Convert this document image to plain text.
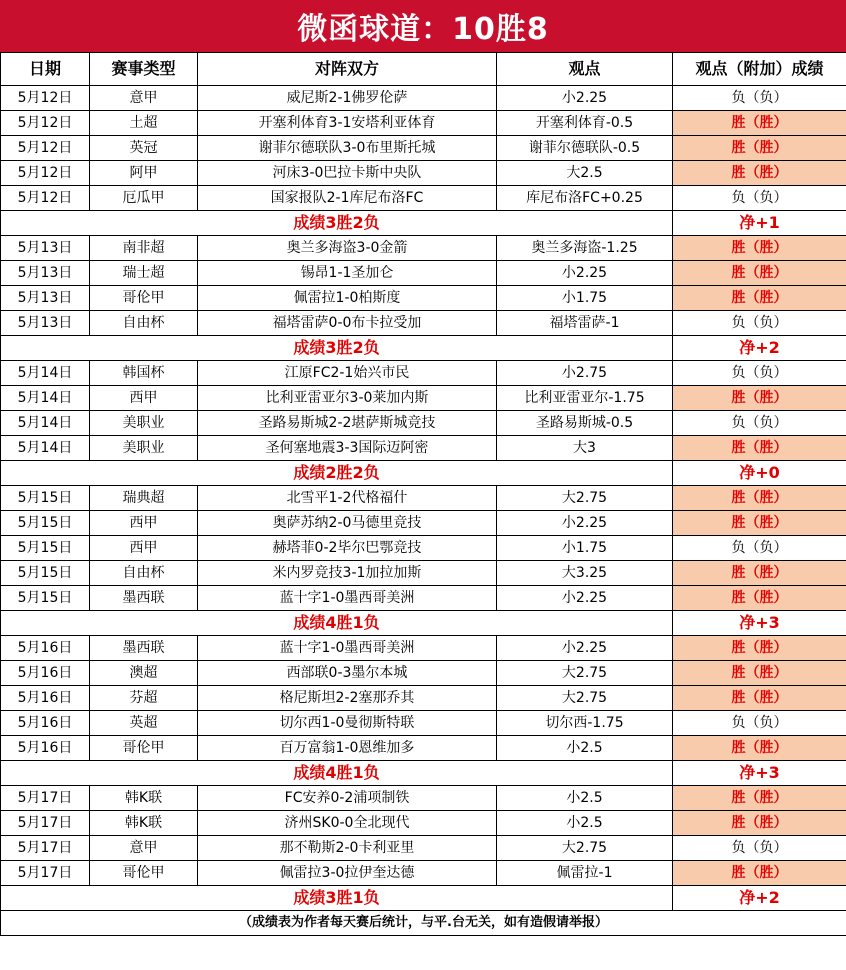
微函球道：10胜8
日期	赛事类型	对阵双方	观点	观点（附加）成绩
5月12日	意甲	威尼斯2-1佛罗伦萨	小2.25	负（负）
5月12日	土超	开塞利体育3-1安塔利亚体育	开塞利体育-0.5	胜（胜）
5月12日	英冠	谢菲尔德联队3-0布里斯托城	谢菲尔德联队-0.5	胜（胜）
5月12日	阿甲	河床3-0巴拉卡斯中央队	大2.5	胜（胜）
5月12日	厄瓜甲	国家报队2-1库尼布洛FC	库尼布洛FC+0.25	负（负）
成绩3胜2负				净+1
5月13日	南非超	奥兰多海盗3-0金箭	奥兰多海盗-1.25	胜（胜）
5月13日	瑞士超	锡昂1-1圣加仑	小2.25	胜（胜）
5月13日	哥伦甲	佩雷拉1-0柏斯度	小1.75	胜（胜）
5月13日	自由杯	福塔雷萨0-0布卡拉受加	福塔雷萨-1	负（负）
成绩3胜2负				净+2
5月14日	韩国杯	江原FC2-1始兴市民	小2.75	负（负）
5月14日	西甲	比利亚雷亚尔3-0莱加内斯	比利亚雷亚尔-1.75	胜（胜）
5月14日	美职业	圣路易斯城2-2堪萨斯城竞技	圣路易斯城-0.5	负（负）
5月14日	美职业	圣何塞地震3-3国际迈阿密	大3	胜（胜）
成绩2胜2负				净+0
5月15日	瑞典超	北雪平1-2代格福什	大2.75	胜（胜）
5月15日	西甲	奥萨苏纳2-0马德里竞技	小2.25	胜（胜）
5月15日	西甲	赫塔菲0-2毕尔巴鄂竞技	小1.75	负（负）
5月15日	自由杯	米内罗竞技3-1加拉加斯	大3.25	胜（胜）
5月15日	墨西联	蓝十字1-0墨西哥美洲	小2.25	胜（胜）
成绩4胜1负				净+3
5月16日	墨西联	蓝十字1-0墨西哥美洲	小2.25	胜（胜）
5月16日	澳超	西部联0-3墨尔本城	大2.75	胜（胜）
5月16日	芬超	格尼斯坦2-2塞那乔其	大2.75	胜（胜）
5月16日	英超	切尔西1-0曼彻斯特联	切尔西-1.75	负（负）
5月16日	哥伦甲	百万富翁1-0恩维加多	小2.5	胜（胜）
成绩4胜1负				净+3
5月17日	韩K联	FC安养0-2浦项制铁	小2.5	胜（胜）
5月17日	韩K联	济州SK0-0全北现代	小2.5	胜（胜）
5月17日	意甲	那不勒斯2-0卡利亚里	大2.75	负（负）
5月17日	哥伦甲	佩雷拉3-0拉伊奎达德	佩雷拉-1	胜（胜）
成绩3胜1负				净+2
（成绩表为作者每天赛后统计，与平.台无关，如有造假请举报）				
